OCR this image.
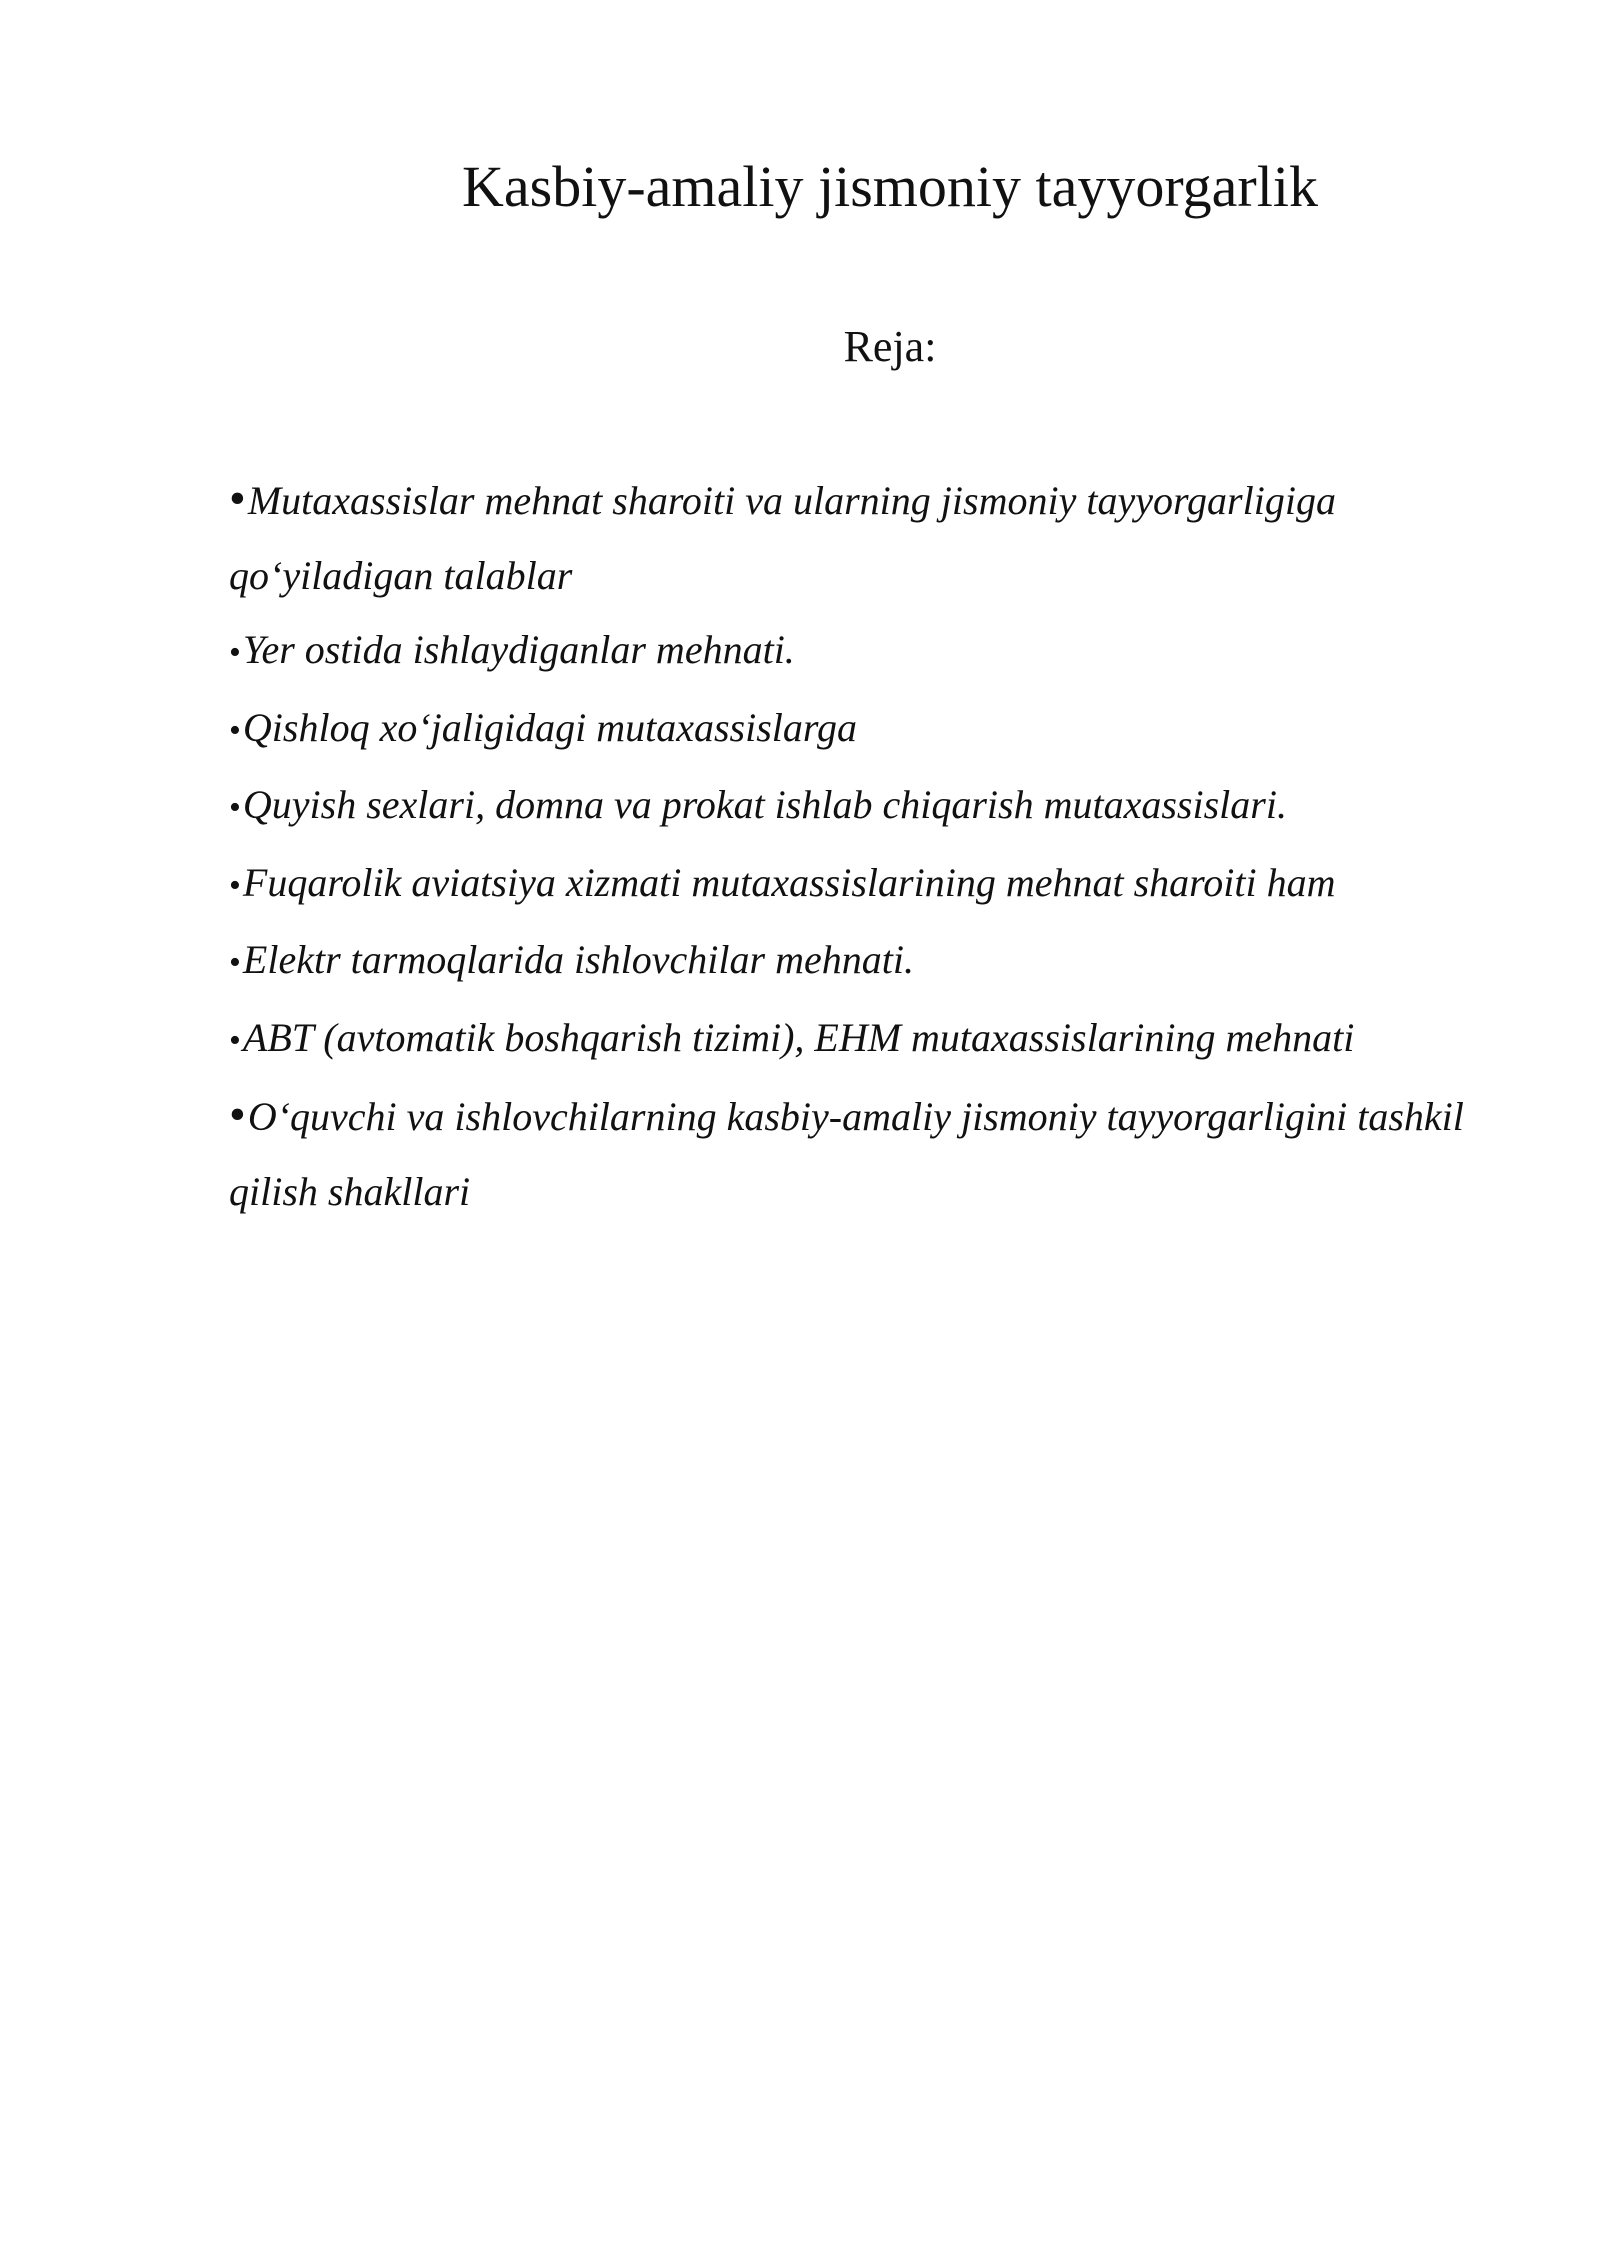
Kasbiy-amaliy jismoniy tayyorgarlik
Reja:
•Mutaxassislar mehnat sharoiti va ularning jismoniy tayyorgarligiga qo‘yiladigan talablar
•Yer ostida ishlaydiganlar mehnati.
•Qishloq xo‘jaligidagi mutaxassislarga
•Quyish sexlari, domna va prokat ishlab chiqarish mutaxassislari.
•Fuqarolik aviatsiya xizmati mutaxassislarining mehnat sharoiti ham
•Elektr tarmoqlarida ishlovchilar mehnati.
•ABT (avtomatik boshqarish tizimi), EHM mutaxassislarining mehnati
•O‘quvchi va ishlovchilarning kasbiy-amaliy jismoniy tayyorgarligini tashkil qilish shakllari
